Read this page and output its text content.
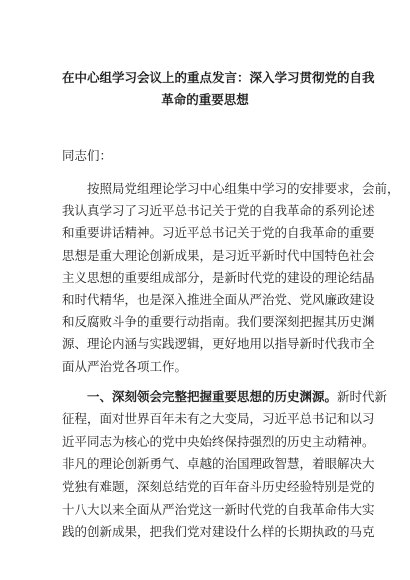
在中心组学习会议上的重点发言：深入学习贯彻党的自我
革命的重要思想

同志们：

按照局党组理论学习中心组集中学习的安排要求，会前，
我认真学习了习近平总书记关于党的自我革命的系列论述
和重要讲话精神。习近平总书记关于党的自我革命的重要
思想是重大理论创新成果，是习近平新时代中国特色社会
主义思想的重要组成部分，是新时代党的建设的理论结晶
和时代精华，也是深入推进全面从严治党、党风廉政建设
和反腐败斗争的重要行动指南。我们要深刻把握其历史渊
源、理论内涵与实践逻辑，更好地用以指导新时代我市全
面从严治党各项工作。
一、深刻领会完整把握重要思想的历史渊源。新时代新
征程，面对世界百年未有之大变局，习近平总书记和以习
近平同志为核心的党中央始终保持强烈的历史主动精神。
非凡的理论创新勇气、卓越的治国理政智慧，着眼解决大
党独有难题，深刻总结党的百年奋斗历史经验特别是党的
十八大以来全面从严治党这一新时代党的自我革命伟大实
践的创新成果，把我们党对建设什么样的长期执政的马克
